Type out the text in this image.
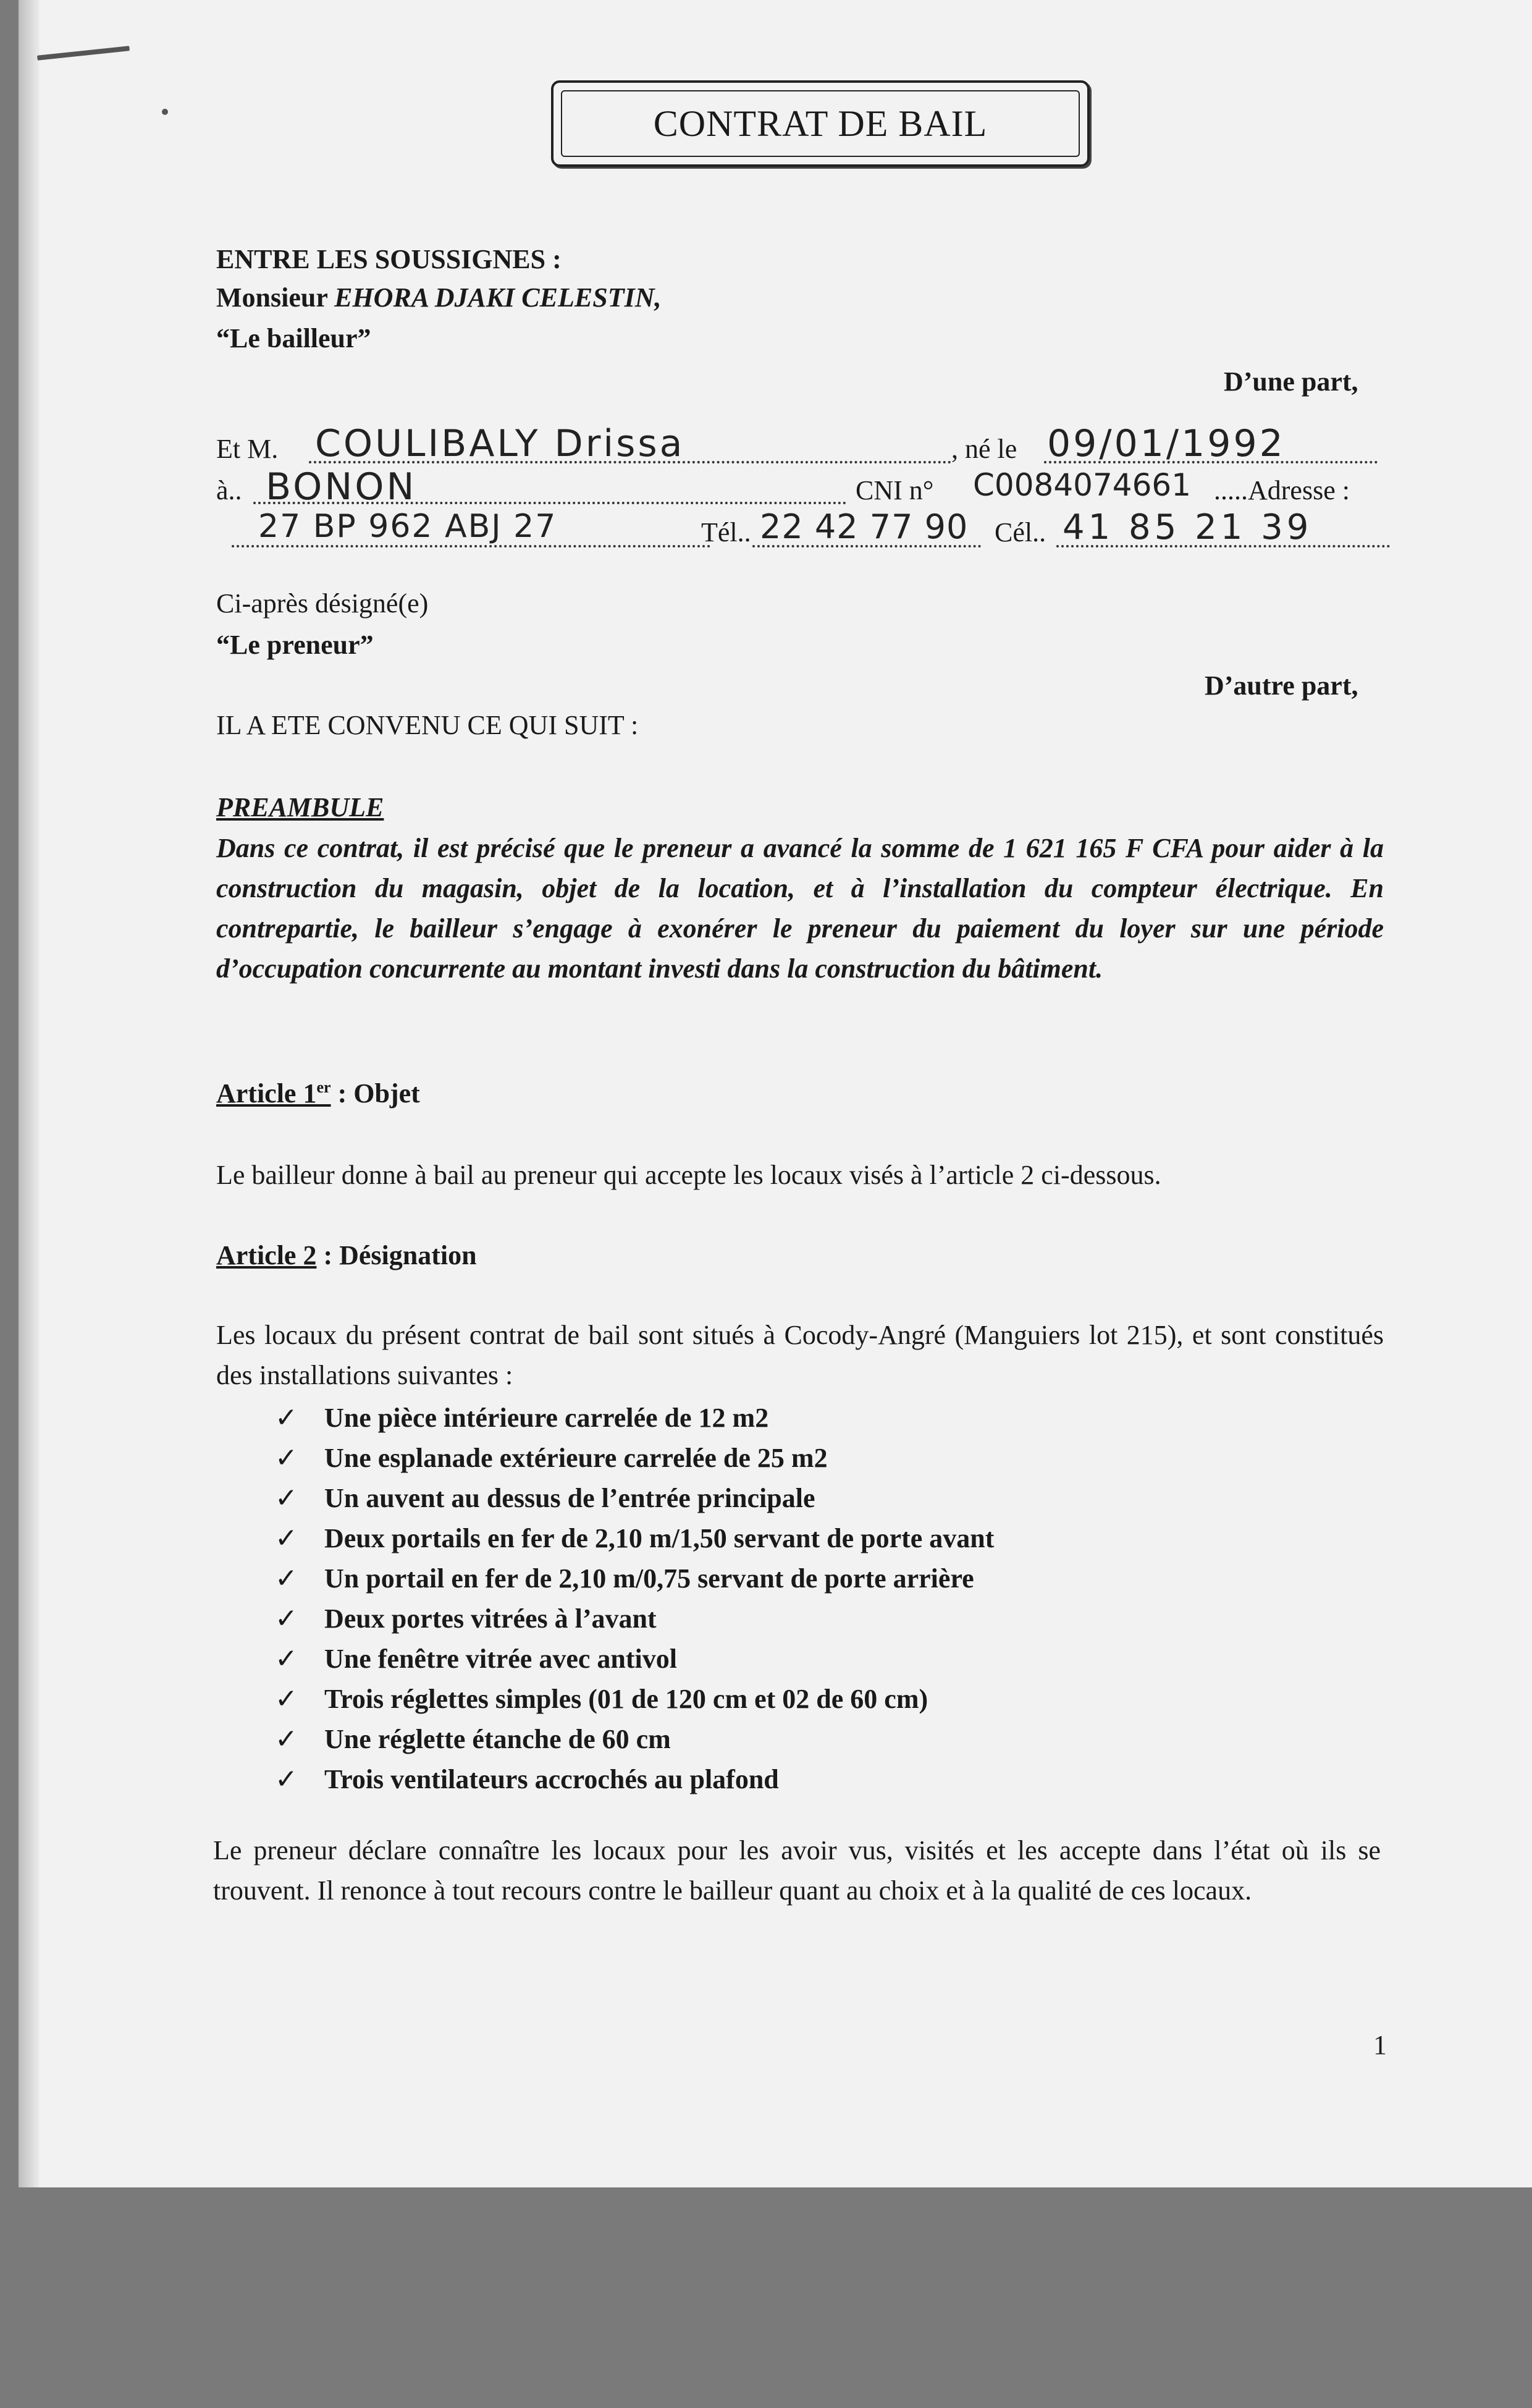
CONTRAT DE BAIL
ENTRE LES SOUSSIGNES :
Monsieur EHORA DJAKI CELESTIN,
“Le bailleur”
D’une part,
Et M. COULIBALY Drissa	, né le 09/01/1992
à.. BONON	CNI n° C0084074661 .....Adresse :
27 BP 962 ABJ 27	Tél.. 22 42 77 90 Cél.. 41 85 21 39
Ci-après désigné(e)
“Le preneur”
D’autre part,
IL A ETE CONVENU CE QUI SUIT :
PREAMBULE
Dans ce contrat, il est précisé que le preneur a avancé la somme de 1 621 165 F CFA pour aider à la construction du magasin, objet de la location, et à l’installation du compteur électrique. En contrepartie, le bailleur s’engage à exonérer le preneur du paiement du loyer sur une période d’occupation concurrente au montant investi dans la construction du bâtiment.
Article 1er : Objet
Le bailleur donne à bail au preneur qui accepte les locaux visés à l’article 2 ci-dessous.
Article 2 : Désignation
Les locaux du présent contrat de bail sont situés à Cocody-Angré (Manguiers lot 215), et sont constitués des installations suivantes :
✓ Une pièce intérieure carrelée de 12 m2
✓ Une esplanade extérieure carrelée de 25 m2
✓ Un auvent au dessus de l’entrée principale
✓ Deux portails en fer de 2,10 m/1,50 servant de porte avant
✓ Un portail en fer de 2,10 m/0,75 servant de porte arrière
✓ Deux portes vitrées à l’avant
✓ Une fenêtre vitrée avec antivol
✓ Trois réglettes simples (01 de 120 cm et 02 de 60 cm)
✓ Une réglette étanche de 60 cm
✓ Trois ventilateurs accrochés au plafond
Le preneur déclare connaître les locaux pour les avoir vus, visités et les accepte dans l’état où ils se trouvent. Il renonce à tout recours contre le bailleur quant au choix et à la qualité de ces locaux.
1
